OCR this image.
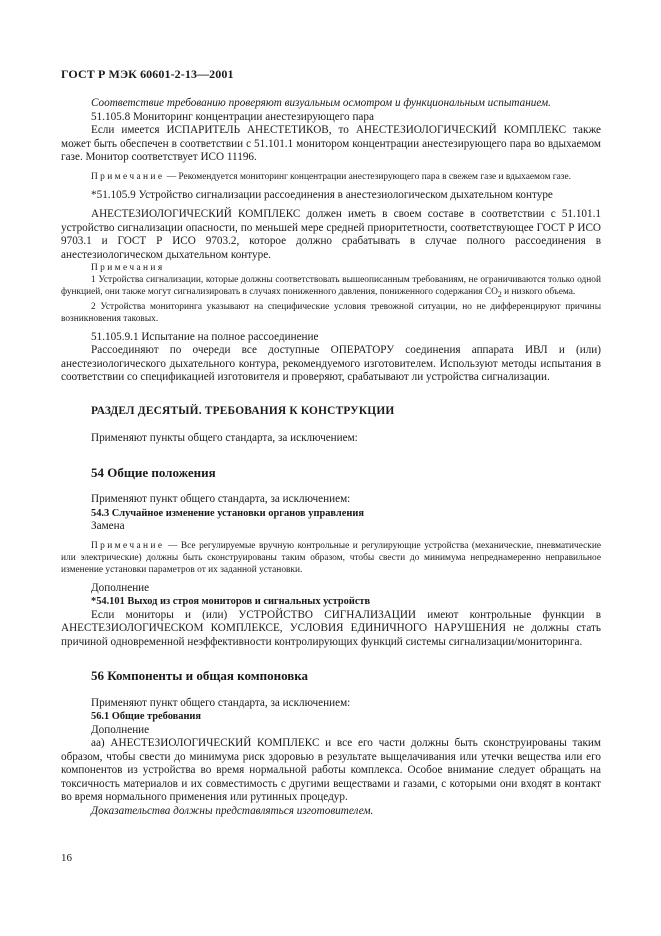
ГОСТ Р МЭК 60601-2-13—2001

Соответствие требованию проверяют визуальным осмотром и функциональным испытанием.

51.105.8 Мониторинг концентрации анестезирующего пара

Если имеется ИСПАРИТЕЛЬ АНЕСТЕТИКОВ, то АНЕСТЕЗИОЛОГИЧЕСКИЙ КОМПЛЕКС также может быть обеспечен в соответствии с 51.101.1 монитором концентрации анестезирующего пара во вдыхаемом газе. Монитор соответствует ИСО 11196.

Примечание — Рекомендуется мониторинг концентрации анестезирующего пара в свежем газе и вдыхаемом газе.

*51.105.9 Устройство сигнализации рассоединения в анестезиологическом дыхательном контуре

АНЕСТЕЗИОЛОГИЧЕСКИЙ КОМПЛЕКС должен иметь в своем составе в соответствии с 51.101.1 устройство сигнализации опасности, по меньшей мере средней приоритетности, соответствующее ГОСТ Р ИСО 9703.1 и ГОСТ Р ИСО 9703.2, которое должно срабатывать в случае полного рассоединения в анестезиологическом дыхательном контуре.

Примечания

1 Устройства сигнализации, которые должны соответствовать вышеописанным требованиям, не ограничиваются только одной функцией, они также могут сигнализировать в случаях пониженного давления, пониженного содержания $CO_2$ и низкого объема.

2 Устройства мониторинга указывают на специфические условия тревожной ситуации, но не дифференцируют причины возникновения таковых.

51.105.9.1 Испытание на полное рассоединение

Рассоединяют по очереди все доступные ОПЕРАТОРУ соединения аппарата ИВЛ и (или) анестезиологического дыхательного контура, рекомендуемого изготовителем. Используют методы испытания в соответствии со спецификацией изготовителя и проверяют, срабатывают ли устройства сигнализации.

РАЗДЕЛ ДЕСЯТЫЙ. ТРЕБОВАНИЯ К КОНСТРУКЦИИ

Применяют пункты общего стандарта, за исключением:

54 Общие положения

Применяют пункт общего стандарта, за исключением:

54.3 Случайное изменение установки органов управления

Замена

Примечание — Все регулируемые вручную контрольные и регулирующие устройства (механические, пневматические или электрические) должны быть сконструированы таким образом, чтобы свести до минимума непреднамеренно неправильное изменение установки параметров от их заданной установки.

Дополнение

*54.101 Выход из строя мониторов и сигнальных устройств

Если мониторы и (или) УСТРОЙСТВО СИГНАЛИЗАЦИИ имеют контрольные функции в АНЕСТЕЗИОЛОГИЧЕСКОМ КОМПЛЕКСЕ, УСЛОВИЯ ЕДИНИЧНОГО НАРУШЕНИЯ не должны стать причиной одновременной неэффективности контролирующих функций системы сигнализации/мониторинга.

56 Компоненты и общая компоновка

Применяют пункт общего стандарта, за исключением:

56.1 Общие требования

Дополнение

аа) АНЕСТЕЗИОЛОГИЧЕСКИЙ КОМПЛЕКС и все его части должны быть сконструированы таким образом, чтобы свести до минимума риск здоровью в результате выщелачивания или утечки вещества или его компонентов из устройства во время нормальной работы комплекса. Особое внимание следует обращать на токсичность материалов и их совместимость с другими веществами и газами, с которыми они входят в контакт во время нормального применения или рутинных процедур.

Доказательства должны представляться изготовителем.

16
